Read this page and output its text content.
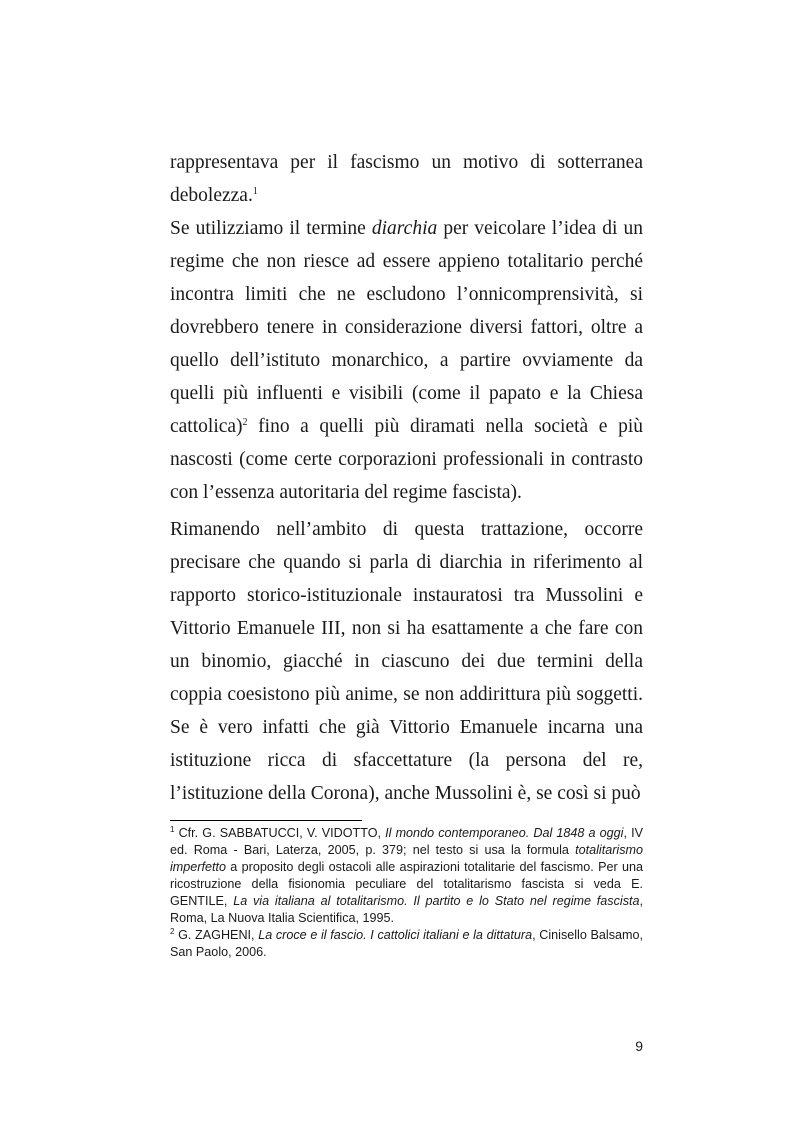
rappresentava per il fascismo un motivo di sotterranea debolezza.$^1$

Se utilizziamo il termine diarchia per veicolare l’idea di un regime che non riesce ad essere appieno totalitario perché incontra limiti che ne escludono l’onnicomprensività, si dovrebbero tenere in considerazione diversi fattori, oltre a quello dell’istituto monarchico, a partire ovviamente da quelli più influenti e visibili (come il papato e la Chiesa cattolica)$^2$ fino a quelli più diramati nella società e più nascosti (come certe corporazioni professionali in contrasto con l’essenza autoritaria del regime fascista).

Rimanendo nell’ambito di questa trattazione, occorre precisare che quando si parla di diarchia in riferimento al rapporto storico-istituzionale instauratosi tra Mussolini e Vittorio Emanuele III, non si ha esattamente a che fare con un binomio, giacché in ciascuno dei due termini della coppia coesistono più anime, se non addirittura più soggetti. Se è vero infatti che già Vittorio Emanuele incarna una istituzione ricca di sfaccettature (la persona del re, l’istituzione della Corona), anche Mussolini è, se così si può

$^1$ Cfr. G. SABBATUCCI, V. VIDOTTO, Il mondo contemporaneo. Dal 1848 a oggi, IV ed. Roma - Bari, Laterza, 2005, p. 379; nel testo si usa la formula totalitarismo imperfetto a proposito degli ostacoli alle aspirazioni totalitarie del fascismo. Per una ricostruzione della fisionomia peculiare del totalitarismo fascista si veda E. GENTILE, La via italiana al totalitarismo. Il partito e lo Stato nel regime fascista, Roma, La Nuova Italia Scientifica, 1995.

$^2$ G. ZAGHENI, La croce e il fascio. I cattolici italiani e la dittatura, Cinisello Balsamo, San Paolo, 2006.

9
